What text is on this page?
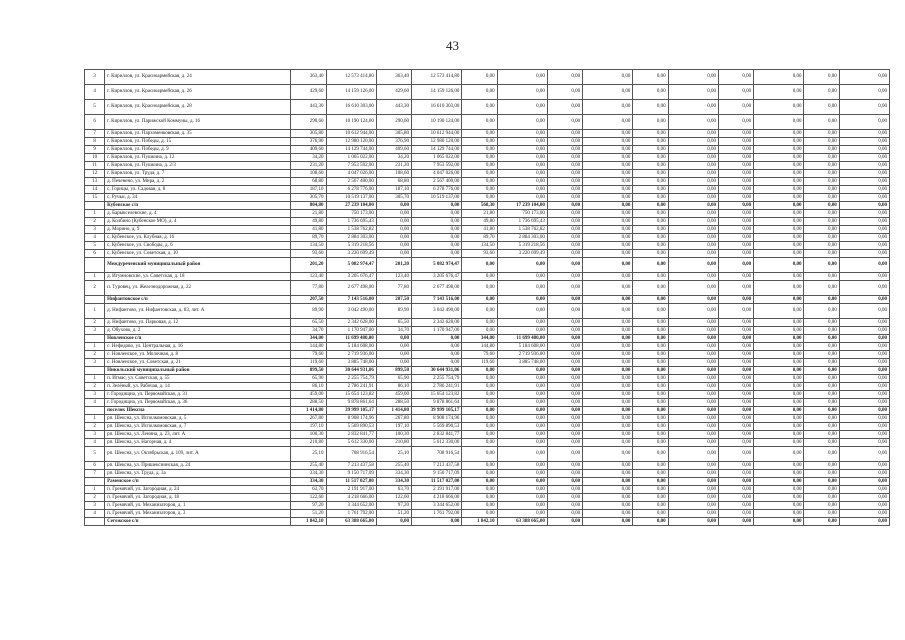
43
3	г. Кириллов, ул. Красноармейская, д. 24	363,40	12 573 414,80	363,40	12 573 414,80	0,00	0,00	0,00	0,00	0,00	0,00	0,00	0,00	0,00	0,00
4	г. Кириллов, ул. Красноармейская, д. 26	429,60	14 159 126,00	429,60	14 159 126,00	0,00	0,00	0,00	0,00	0,00	0,00	0,00	0,00	0,00	0,00
5	г. Кириллов, ул. Красноармейская, д. 28	443,30	16 610 303,00	443,30	16 610 303,00	0,00	0,00	0,00	0,00	0,00	0,00	0,00	0,00	0,00	0,00
6	г. Кириллов, ул. Парижской Коммуны, д. 16	290,60	10 190 124,00	290,60	10 190 124,00	0,00	0,00	0,00	0,00	0,00	0,00	0,00	0,00	0,00	0,00
7	г. Кириллов, ул. Пархоменковская, д. 35	305,80	10 612 944,00	305,80	10 612 944,00	0,00	0,00	0,00	0,00	0,00	0,00	0,00	0,00	0,00	0,00
8	г. Кириллов, ул. Победы, д. 15	376,90	12 980 120,00	376,90	12 980 120,00	0,00	0,00	0,00	0,00	0,00	0,00	0,00	0,00	0,00	0,00
9	г. Кириллов, ул. Победы, д. 9	409,60	14 129 744,00	409,60	14 129 744,00	0,00	0,00	0,00	0,00	0,00	0,00	0,00	0,00	0,00	0,00
10	г. Кириллов, ул. Пушкина, д. 12	34,20	1 065 022,00	34,20	1 065 022,00	0,00	0,00	0,00	0,00	0,00	0,00	0,00	0,00	0,00	0,00
11	г. Кириллов, ул. Пушкина, д. 2/3	231,20	7 953 592,00	231,20	7 953 592,00	0,00	0,00	0,00	0,00	0,00	0,00	0,00	0,00	0,00	0,00
12	г. Кириллов, ул. Труда, д. 7	108,60	4 047 026,00	108,60	4 047 026,00	0,00	0,00	0,00	0,00	0,00	0,00	0,00	0,00	0,00	0,00
13	д. Печенено, ул. Мира, д. 2	68,80	2 567 400,00	68,80	2 567 400,00	0,00	0,00	0,00	0,00	0,00	0,00	0,00	0,00	0,00	0,00
14	с. Горицы, ул. Садовая, д. 8	187,10	6 278 776,00	187,10	6 278 776,00	0,00	0,00	0,00	0,00	0,00	0,00	0,00	0,00	0,00	0,00
15	с. Ручьи, д. 34	305,70	10 519 137,00	305,70	10 519 137,00	0,00	0,00	0,00	0,00	0,00	0,00	0,00	0,00	0,00	0,00
	Кубенское с/п	804,80	27 239 104,00	0,00	0,00	568,30	17 239 104,00	0,00	0,00	0,00	0,00	0,00	0,00	0,00	0,00
1	д. Барыкселевские, д. 4	21,80	750 173,00	0,00	0,00	21,80	750 173,00	0,00	0,00	0,00	0,00	0,00	0,00	0,00	0,00
2	д. Колбино (Кубенское МО), д. 4	49,80	1 736 695,43	0,00	0,00	49,80	1 736 695,43	0,00	0,00	0,00	0,00	0,00	0,00	0,00	0,00
3	д. Морино, д. 9	41,80	1 538 762,82	0,00	0,00	41,80	1 538 762,82	0,00	0,00	0,00	0,00	0,00	0,00	0,00	0,00
4	с. Кубенское, ул. Клубная, д. 16	89,70	2 884 303,00	0,00	0,00	89,70	2 884 303,00	0,00	0,00	0,00	0,00	0,00	0,00	0,00	0,00
5	с. Кубенское, ул. Свободы, д. 6	134,50	5 319 218,56	0,00	0,00	134,50	5 319 218,56	0,00	0,00	0,00	0,00	0,00	0,00	0,00	0,00
6	с. Кубенское, ул. Советская, д. 10	93,60	3 220 699,49	0,00	0,00	93,60	3 220 699,49	0,00	0,00	0,00	0,00	0,00	0,00	0,00	0,00
	Междуреченский муниципальный район	201,20	5 082 974,47	201,20	5 082 974,47	0,00	0,00	0,00	0,00	0,00	0,00	0,00	0,00	0,00	0,00
1	д. Игумновские, ул. Советская, д. 18	123,40	3 205 676,47	123,40	3 205 676,47	0,00	0,00	0,00	0,00	0,00	0,00	0,00	0,00	0,00	0,00
2	п. Туровец, ул. Железнодорожная, д. 22	77,80	2 677 498,00	77,80	2 677 498,00	0,00	0,00	0,00	0,00	0,00	0,00	0,00	0,00	0,00	0,00
	Нифантовское с/п	207,50	7 143 516,00	207,50	7 143 516,00	0,00	0,00	0,00	0,00	0,00	0,00	0,00	0,00	0,00	0,00
1	д. Нифантово, ул. Нифантовская, д. 83, лит. А	89,90	3 042 490,00	89,90	3 042 490,00	0,00	0,00	0,00	0,00	0,00	0,00	0,00	0,00	0,00	0,00
2	д. Нифантово, ул. Парковая, д. 12	65,50	2 342 628,00	65,50	2 342 628,00	0,00	0,00	0,00	0,00	0,00	0,00	0,00	0,00	0,00	0,00
3	д. Обухово, д. 2	34,70	1 170 947,00	34,70	1 170 947,00	0,00	0,00	0,00	0,00	0,00	0,00	0,00	0,00	0,00	0,00
	Новленское с/п	344,00	11 699 480,00	0,00	0,00	344,00	11 699 480,00	0,00	0,00	0,00	0,00	0,00	0,00	0,00	0,00
1	с. Нефедово, ул. Центральная, д. 16	144,80	5 184 608,00	0,00	0,00	144,80	5 184 608,00	0,00	0,00	0,00	0,00	0,00	0,00	0,00	0,00
2	с. Новленское, ул. Молочная, д. 8	79,60	2 719 936,00	0,00	0,00	79,60	2 719 936,00	0,00	0,00	0,00	0,00	0,00	0,00	0,00	0,00
3	с. Новленское, ул. Советская, д. 21	119,60	3 885 748,00	0,00	0,00	119,60	3 885 748,00	0,00	0,00	0,00	0,00	0,00	0,00	0,00	0,00
	Никольский муниципальный район	899,50	30 644 931,06	899,50	30 644 931,06	0,00	0,00	0,00	0,00	0,00	0,00	0,00	0,00	0,00	0,00
1	п. Игмас, ул. Советская, д. 55	65,90	2 255 754,79	65,90	2 255 754,79	0,00	0,00	0,00	0,00	0,00	0,00	0,00	0,00	0,00	0,00
2	п. Зелёный, ул. Рабочая, д. 14	86,10	2 786 241,91	86,10	2 786 241,91	0,00	0,00	0,00	0,00	0,00	0,00	0,00	0,00	0,00	0,00
3	г. Городищна, ул. Первомайская, д. 31	459,00	15 654 123,82	459,00	15 654 123,82	0,00	0,00	0,00	0,00	0,00	0,00	0,00	0,00	0,00	0,00
4	г. Городищна, ул. Первомайская, д. 36	288,50	9 878 861,64	288,50	9 878 861,64	0,00	0,00	0,00	0,00	0,00	0,00	0,00	0,00	0,00	0,00
	поселок Шексна	1 414,80	39 999 105,17	1 414,80	39 999 105,17	0,00	0,00	0,00	0,00	0,00	0,00	0,00	0,00	0,00	0,00
1	рп. Шексна, ул. Исполкомовская, д. 5	267,80	8 908 174,96	267,80	8 908 174,96	0,00	0,00	0,00	0,00	0,00	0,00	0,00	0,00	0,00	0,00
2	рп. Шексна, ул. Исполкомовская, д. 7	197,10	5 569 890,53	197,10	5 569 890,53	0,00	0,00	0,00	0,00	0,00	0,00	0,00	0,00	0,00	0,00
3	рп. Шексна, ул. Ленина, д. 23, лит. А	100,30	2 832 841,77	100,30	2 832 841,77	0,00	0,00	0,00	0,00	0,00	0,00	0,00	0,00	0,00	0,00
4	рп. Шексна, ул. Нагорная, д. 4	210,80	5 612 330,00	210,80	5 612 330,00	0,00	0,00	0,00	0,00	0,00	0,00	0,00	0,00	0,00	0,00
5	рп. Шексна, ул. Октябрьская, д. 109, лит. А	25,10	708 916,54	25,10	708 916,54	0,00	0,00	0,00	0,00	0,00	0,00	0,00	0,00	0,00	0,00
6	рп. Шексна, ул. Пришекснинская, д. 24	255,40	7 213 437,58	255,40	7 213 437,58	0,00	0,00	0,00	0,00	0,00	0,00	0,00	0,00	0,00	0,00
7	рп. Шексна, ул. Труда, д. 3а	334,30	9 150 717,09	334,30	9 150 717,09	0,00	0,00	0,00	0,00	0,00	0,00	0,00	0,00	0,00	0,00
	Раменское с/п	334,30	11 517 027,00	334,30	11 517 027,00	0,00	0,00	0,00	0,00	0,00	0,00	0,00	0,00	0,00	0,00
1	п. Гремячий, ул. Загородная, д. 24	63,70	2 191 917,00	63,70	2 191 917,00	0,00	0,00	0,00	0,00	0,00	0,00	0,00	0,00	0,00	0,00
2	п. Гремячий, ул. Загородная, д. 18	122,60	4 218 666,00	122,60	4 218 666,00	0,00	0,00	0,00	0,00	0,00	0,00	0,00	0,00	0,00	0,00
3	п. Гремячий, ул. Механизаторов, д. 1	97,20	3 344 652,00	97,20	3 344 652,00	0,00	0,00	0,00	0,00	0,00	0,00	0,00	0,00	0,00	0,00
4	п. Гремячий, ул. Механизаторов, д. 3	51,20	1 761 792,00	51,20	1 761 792,00	0,00	0,00	0,00	0,00	0,00	0,00	0,00	0,00	0,00	0,00
	Сегежское с/п	1 842,10	63 388 665,00	0,00	0,00	1 842,10	63 388 665,00	0,00	0,00	0,00	0,00	0,00	0,00	0,00	0,00
